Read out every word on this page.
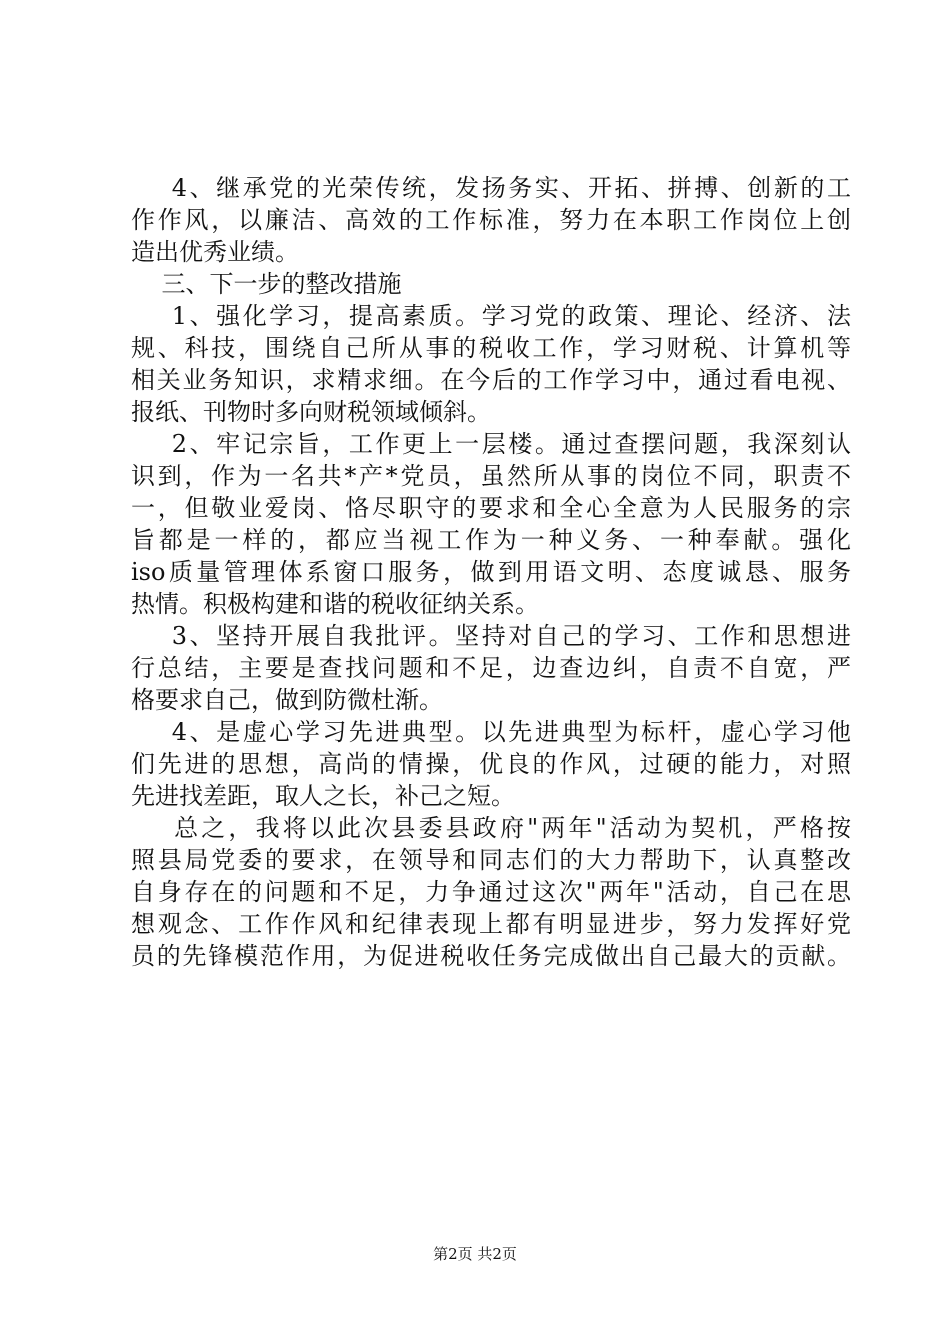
4、继承党的光荣传统，发扬务实、开拓、拼搏、创新的工
作作风，以廉洁、高效的工作标准，努力在本职工作岗位上创
造出优秀业绩。
三、下一步的整改措施
1、强化学习，提高素质。学习党的政策、理论、经济、法
规、科技，围绕自己所从事的税收工作，学习财税、计算机等
相关业务知识，求精求细。在今后的工作学习中，通过看电视、
报纸、刊物时多向财税领域倾斜。
2、牢记宗旨，工作更上一层楼。通过查摆问题，我深刻认
识到，作为一名共*产*党员，虽然所从事的岗位不同，职责不
一，但敬业爱岗、恪尽职守的要求和全心全意为人民服务的宗
旨都是一样的，都应当视工作为一种义务、一种奉献。强化
iso质量管理体系窗口服务，做到用语文明、态度诚恳、服务
热情。积极构建和谐的税收征纳关系。
3、坚持开展自我批评。坚持对自己的学习、工作和思想进
行总结，主要是查找问题和不足，边查边纠，自责不自宽，严
格要求自己，做到防微杜渐。
4、是虚心学习先进典型。以先进典型为标杆，虚心学习他
们先进的思想，高尚的情操，优良的作风，过硬的能力，对照
先进找差距，取人之长，补己之短。
总之，我将以此次县委县政府"两年"活动为契机，严格按
照县局党委的要求，在领导和同志们的大力帮助下，认真整改
自身存在的问题和不足，力争通过这次"两年"活动，自己在思
想观念、工作作风和纪律表现上都有明显进步，努力发挥好党
员的先锋模范作用，为促进税收任务完成做出自己最大的贡献。
第2页 共2页
